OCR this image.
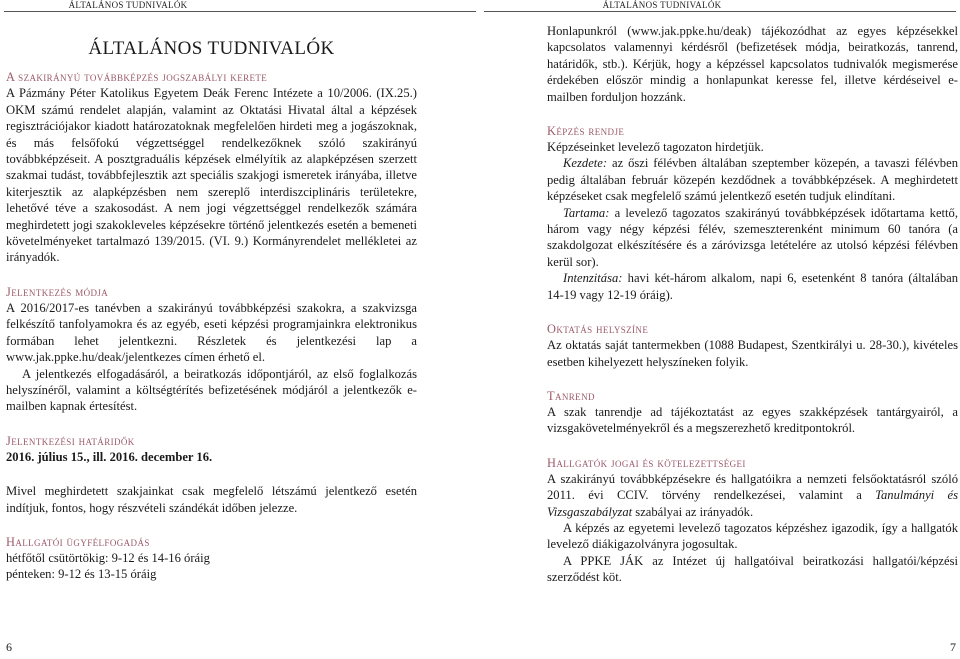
ÁLTALÁNOS TUDNIVALÓK
ÁLTALÁNOS TUDNIVALÓK

A szakirányú továbbképzés jogszabályi kerete

A Pázmány Péter Katolikus Egyetem Deák Ferenc Intézete a 10/2006. (IX.25.) OKM számú rendelet alapján, valamint az Oktatási Hivatal által a képzések regisztrációjakor kiadott határozatoknak megfelelően hirdeti meg a jogászoknak, és más felsőfokú végzettséggel rendelkezőknek szóló szakirányú továbbképzéseit. A posztgraduális képzések elmélyítik az alapképzésen szerzett szakmai tudást, továbbfejlesztik azt speciális szakjogi ismeretek irányába, illetve kiterjesztik az alapképzésben nem szereplő interdiszciplináris területekre, lehetővé téve a szakosodást. A nem jogi végzettséggel rendelkezők számára meghirdetett jogi szakokleveles képzésekre történő jelentkezés esetén a bemeneti követelményeket tartalmazó 139/2015. (VI. 9.) Kormányrendelet mellékletei az irányadók.

Jelentkezés módja

A 2016/2017-es tanévben a szakirányú továbbképzési szakokra, a szakvizsga felkészítő tanfolyamokra és az egyéb, eseti képzési programjainkra elektronikus formában lehet jelentkezni. Részletek és jelentkezési lap a www.jak.ppke.hu/deak/jelentkezes címen érhető el.

A jelentkezés elfogadásáról, a beiratkozás időpontjáról, az első foglalkozás helyszínéről, valamint a költségtérítés befizetésének módjáról a jelentkezők e-mailben kapnak értesítést.

Jelentkezési határidők

2016. július 15., ill. 2016. december 16.

Mivel meghirdetett szakjainkat csak megfelelő létszámú jelentkező esetén indítjuk, fontos, hogy részvételi szándékát időben jelezze.

Hallgatói ügyfélfogadás

hétfőtől csütörtökig: 9-12 és 14-16 óráig

pénteken: 9-12 és 13-15 óráig

6
ÁLTALÁNOS TUDNIVALÓK

Honlapunkról (www.jak.ppke.hu/deak) tájékozódhat az egyes képzésekkel kapcsolatos valamennyi kérdésről (befizetések módja, beiratkozás, tanrend, határidők, stb.). Kérjük, hogy a képzéssel kapcsolatos tudnivalók megismerése érdekében először mindig a honlapunkat keresse fel, illetve kérdéseivel e-mailben forduljon hozzánk.

Képzés rendje

Képzéseinket levelező tagozaton hirdetjük.

Kezdete: az őszi félévben általában szeptember közepén, a tavaszi félévben pedig általában február közepén kezdődnek a továbbképzések. A meghirdetett képzéseket csak megfelelő számú jelentkező esetén tudjuk elindítani.

Tartama: a levelező tagozatos szakirányú továbbképzések időtartama kettő, három vagy négy képzési félév, szemeszterenként minimum 60 tanóra (a szakdolgozat elkészítésére és a záróvizsga letételére az utolsó képzési félévben kerül sor).

Intenzitása: havi két-három alkalom, napi 6, esetenként 8 tanóra (általában 14-19 vagy 12-19 óráig).

Oktatás helyszíne

Az oktatás saját tantermekben (1088 Budapest, Szentkirályi u. 28-30.), kivételes esetben kihelyezett helyszíneken folyik.

Tanrend

A szak tanrendje ad tájékoztatást az egyes szakképzések tantárgyairól, a vizsgakövetelményekről és a megszerezhető kreditpontokról.

Hallgatók jogai és kötelezettségei

A szakirányú továbbképzésekre és hallgatóikra a nemzeti felsőoktatásról szóló 2011. évi CCIV. törvény rendelkezései, valamint a Tanulmányi és Vizsgaszabályzat szabályai az irányadók.

A képzés az egyetemi levelező tagozatos képzéshez igazodik, így a hallgatók levelező diákigazolványra jogosultak.

A PPKE JÁK az Intézet új hallgatóival beiratkozási hallgatói/képzési szerződést köt.

7
